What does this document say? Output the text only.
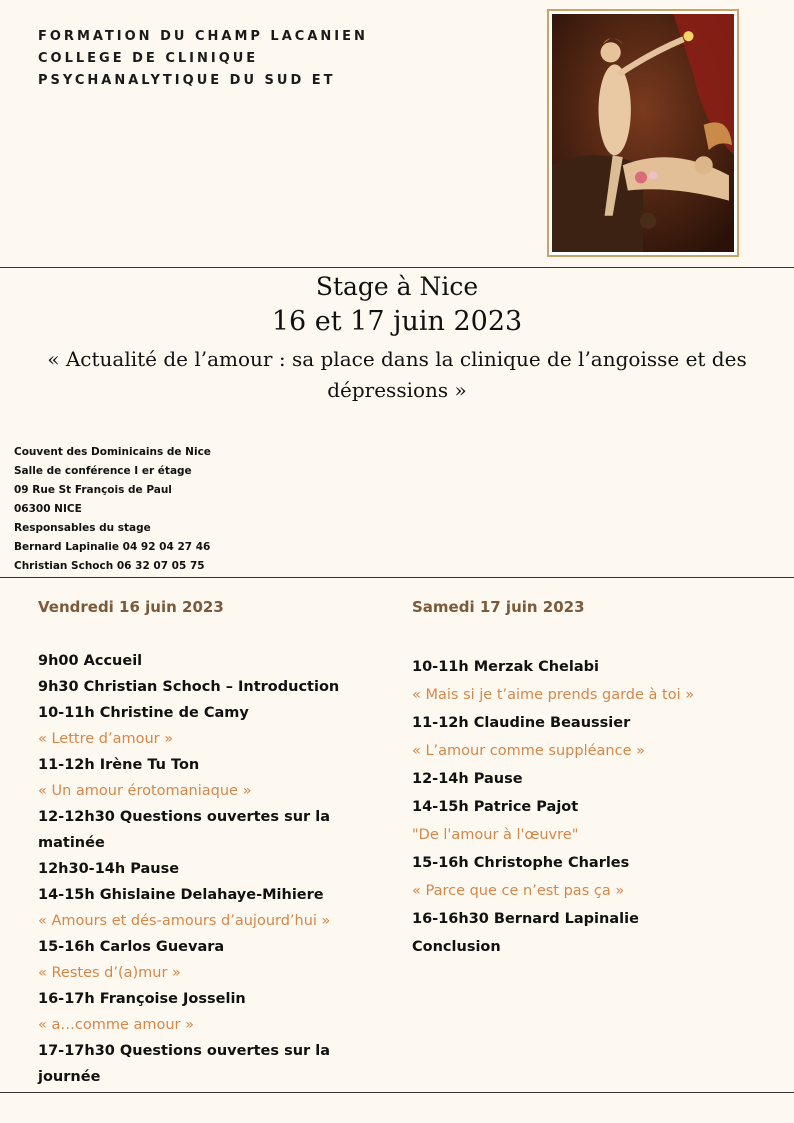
FORMATION DU CHAMP LACANIEN
COLLEGE DE CLINIQUE
PSYCHANALYTIQUE DU SUD ET
Stage à Nice
16 et 17 juin 2023
« Actualité de l’amour : sa place dans la clinique de l’angoisse et des dépressions »
Couvent des Dominicains de Nice
Salle de conférence I er étage
09 Rue St François de Paul
06300 NICE
Responsables du stage
Bernard Lapinalie 04 92 04 27 46
Christian Schoch 06 32 07 05 75
Vendredi 16 juin 2023
9h00 Accueil
9h30 Christian Schoch – Introduction
10-11h Christine de Camy
« Lettre d’amour »
11-12h Irène Tu Ton
« Un amour érotomaniaque »
12-12h30 Questions ouvertes sur la matinée
12h30-14h Pause
14-15h Ghislaine Delahaye-Mihiere
« Amours et dés-amours d’aujourd’hui »
15-16h Carlos Guevara
« Restes d’(a)mur »
16-17h Françoise Josselin
« a…comme amour »
17-17h30 Questions ouvertes sur la journée
Samedi 17 juin 2023
10-11h Merzak Chelabi
« Mais si je t’aime prends garde à toi »
11-12h Claudine Beaussier
« L’amour comme suppléance »
12-14h Pause
14-15h Patrice Pajot
"De l'amour à l'œuvre"
15-16h Christophe Charles
« Parce que ce n’est pas ça »
16-16h30 Bernard Lapinalie
Conclusion
